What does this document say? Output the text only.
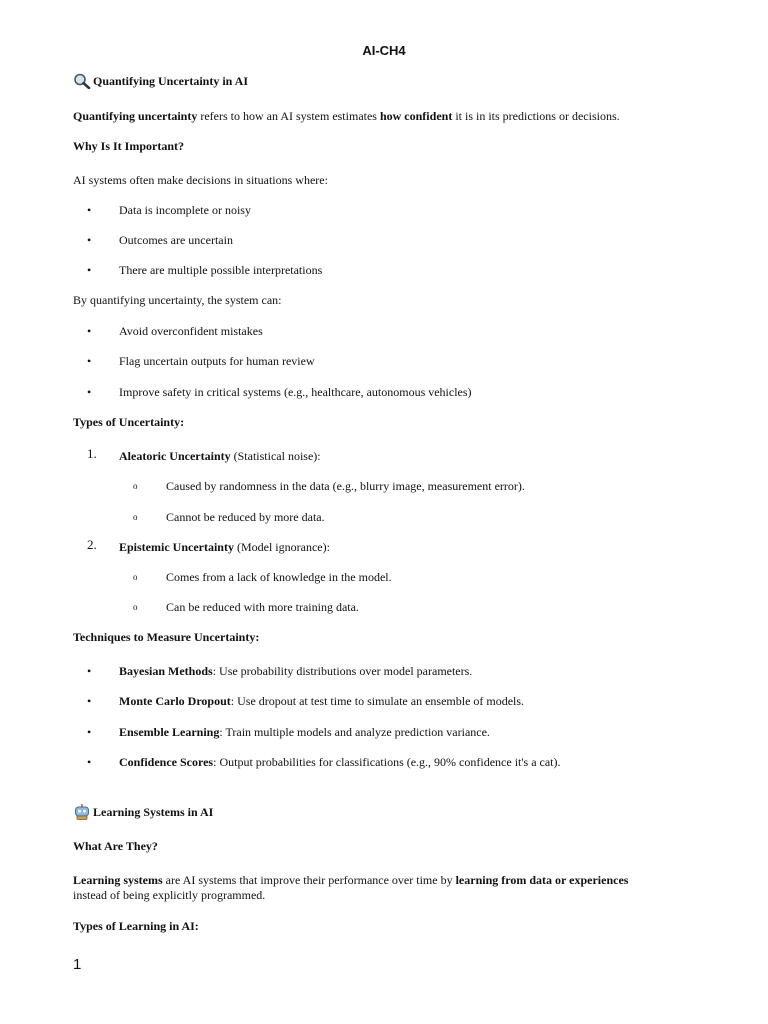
AI-CH4
Quantifying Uncertainty in AI
Quantifying uncertainty refers to how an AI system estimates how confident it is in its predictions or decisions.
Why Is It Important?
AI systems often make decisions in situations where:
• Data is incomplete or noisy
• Outcomes are uncertain
• There are multiple possible interpretations
By quantifying uncertainty, the system can:
• Avoid overconfident mistakes
• Flag uncertain outputs for human review
• Improve safety in critical systems (e.g., healthcare, autonomous vehicles)
Types of Uncertainty:
1. Aleatoric Uncertainty (Statistical noise):
o Caused by randomness in the data (e.g., blurry image, measurement error).
o Cannot be reduced by more data.
2. Epistemic Uncertainty (Model ignorance):
o Comes from a lack of knowledge in the model.
o Can be reduced with more training data.
Techniques to Measure Uncertainty:
• Bayesian Methods: Use probability distributions over model parameters.
• Monte Carlo Dropout: Use dropout at test time to simulate an ensemble of models.
• Ensemble Learning: Train multiple models and analyze prediction variance.
• Confidence Scores: Output probabilities for classifications (e.g., 90% confidence it's a cat).
Learning Systems in AI
What Are They?
Learning systems are AI systems that improve their performance over time by learning from data or experiences
instead of being explicitly programmed.
Types of Learning in AI:
1
